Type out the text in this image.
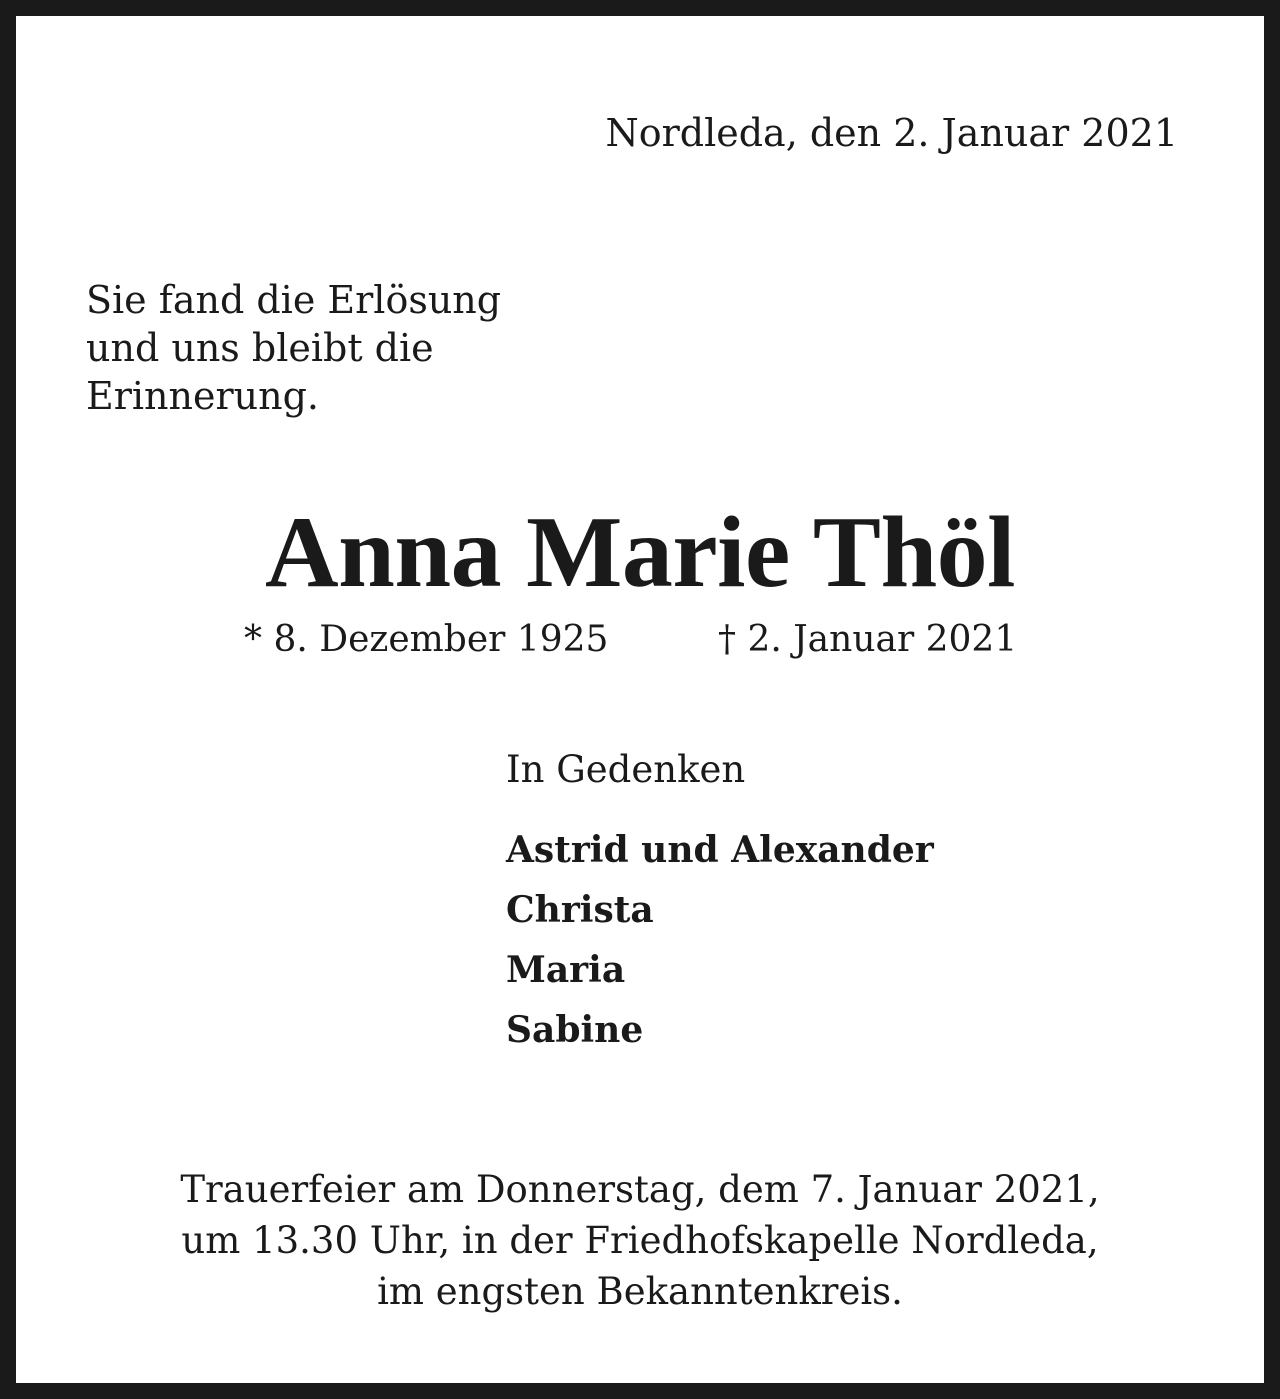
Nordleda, den 2. Januar 2021
Sie fand die Erlösung
und uns bleibt die
Erinnerung.
Anna Marie Thöl
* 8. Dezember 1925	† 2. Januar 2021
In Gedenken
Astrid und Alexander
Christa
Maria
Sabine
Trauerfeier am Donnerstag, dem 7. Januar 2021,
um 13.30 Uhr, in der Friedhofskapelle Nordleda,
im engsten Bekanntenkreis.
